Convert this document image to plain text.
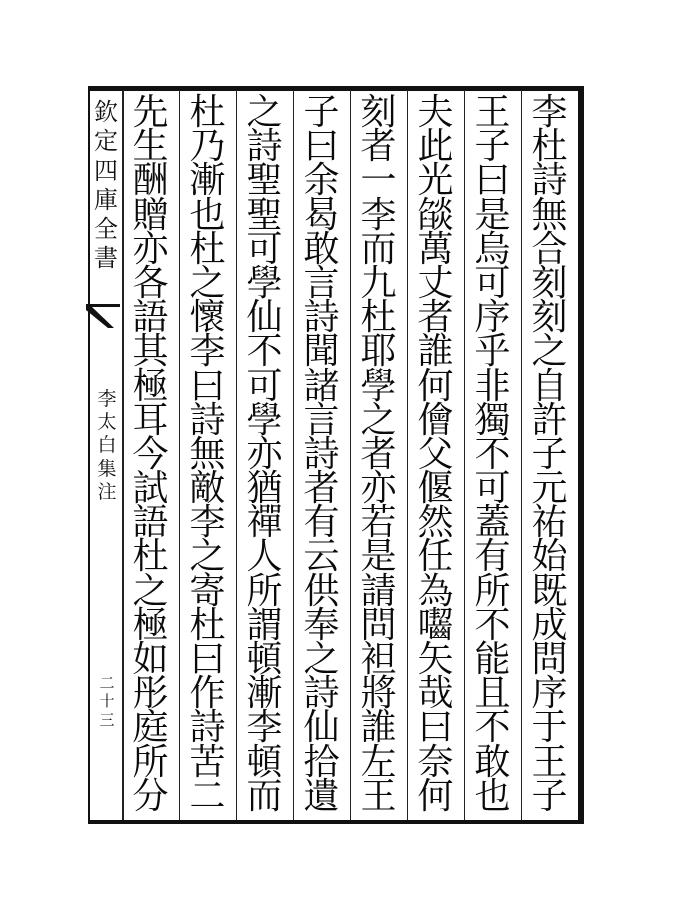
欽
定
四
庫
全
書
李
太
白
集
注
二
十
三
李
杜
詩
無
合
刻
刻
之
自
許
子
元
祐
始
既
成
問
序
于
王
子
王
子
曰
是
烏
可
序
乎
非
獨
不
可
蓋
有
所
不
能
且
不
敢
也
夫
此
光
燄
萬
丈
者
誰
何
儈
父
偃
然
任
為
囓
矢
哉
曰
奈
何
刻
者
一
李
而
九
杜
耶
學
之
者
亦
若
是
請
問
袒
將
誰
左
王
子
曰
余
曷
敢
言
詩
聞
諸
言
詩
者
有
云
供
奉
之
詩
仙
拾
遺
之
詩
聖
聖
可
學
仙
不
可
學
亦
猶
禪
人
所
謂
頓
漸
李
頓
而
杜
乃
漸
也
杜
之
懷
李
曰
詩
無
敵
李
之
寄
杜
曰
作
詩
苦
二
先
生
酬
贈
亦
各
語
其
極
耳
今
試
語
杜
之
極
如
彤
庭
所
分
